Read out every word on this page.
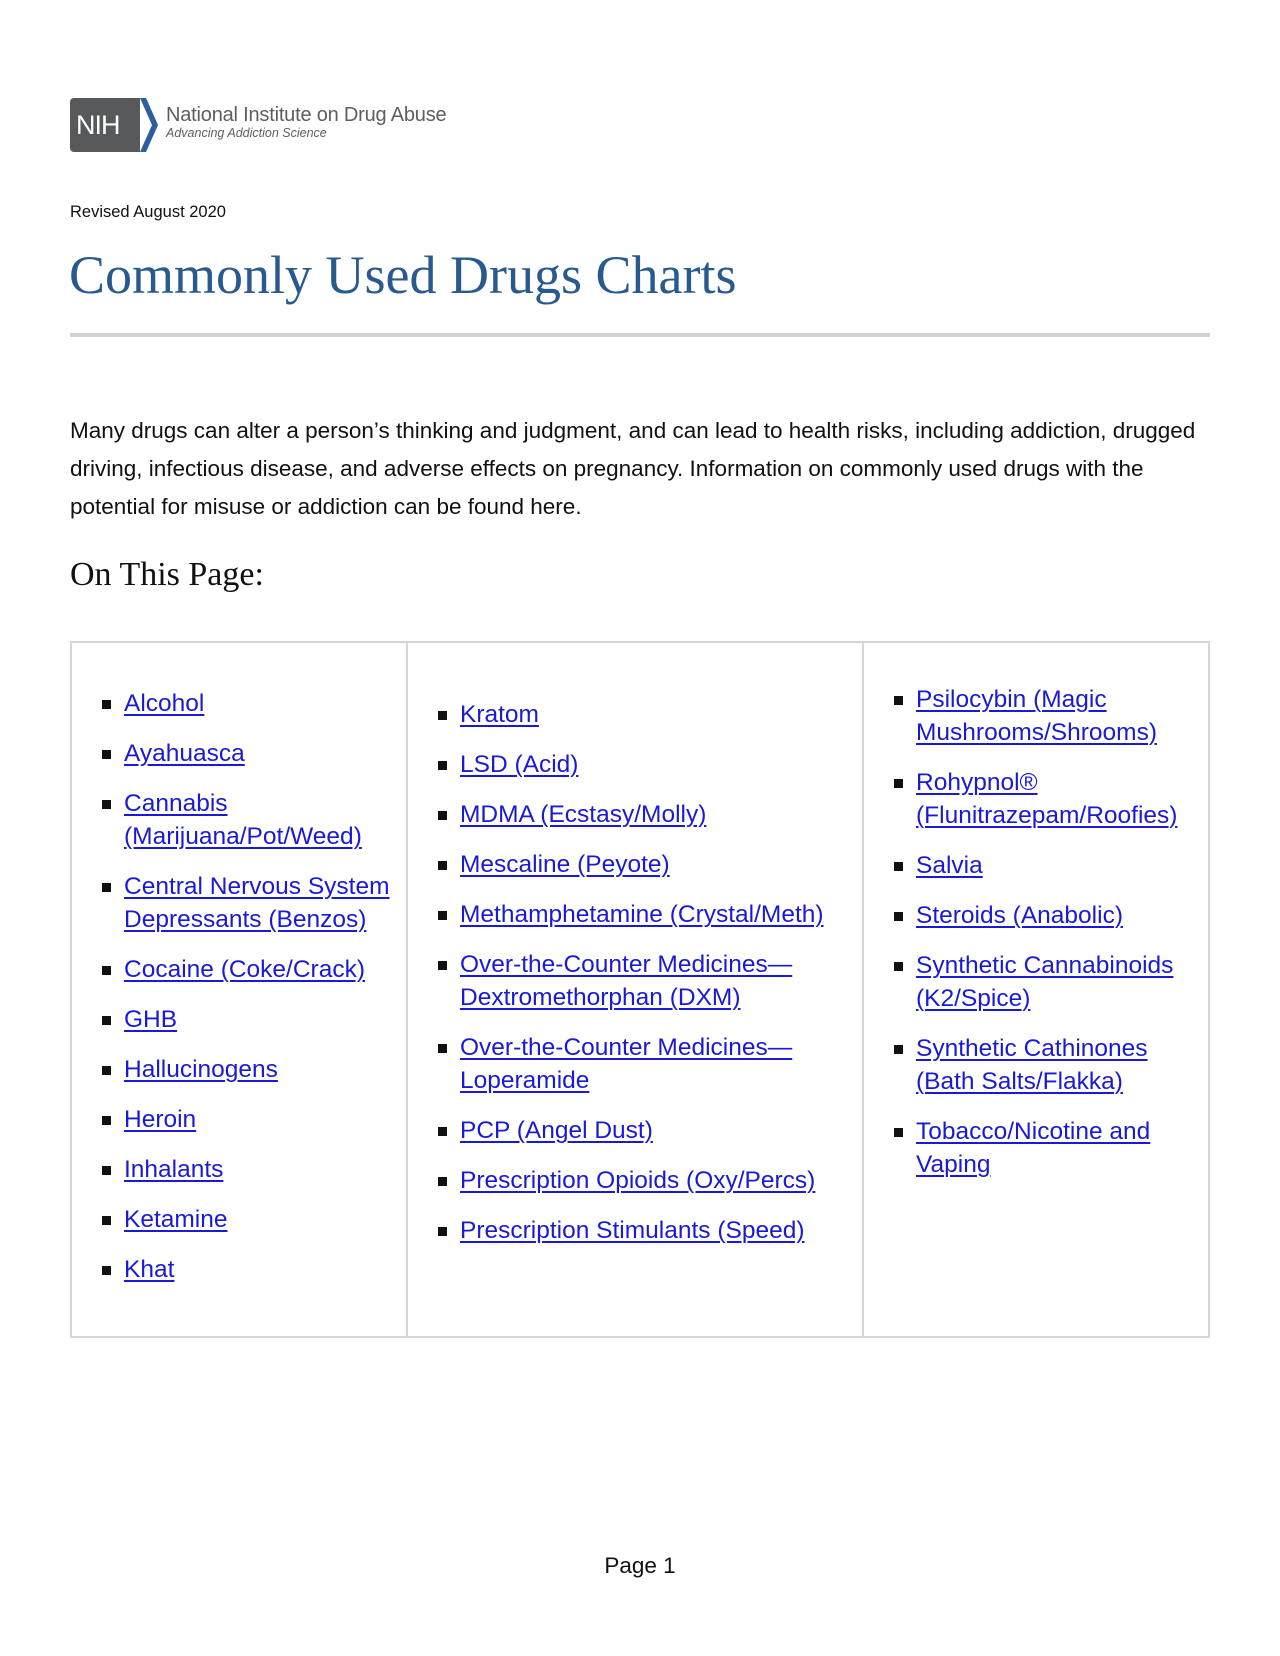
NIH National Institute on Drug Abuse
Advancing Addiction Science
Revised August 2020
Commonly Used Drugs Charts

Many drugs can alter a person’s thinking and judgment, and can lead to health risks, including addiction, drugged driving, infectious disease, and adverse effects on pregnancy. Information on commonly used drugs with the potential for misuse or addiction can be found here.

On This Page:
Alcohol
Ayahuasca
Cannabis (Marijuana/Pot/Weed)
Central Nervous System Depressants (Benzos)
Cocaine (Coke/Crack)
GHB
Hallucinogens
Heroin
Inhalants
Ketamine
Khat
Kratom
LSD (Acid)
MDMA (Ecstasy/Molly)
Mescaline (Peyote)
Methamphetamine (Crystal/Meth)
Over-the-Counter Medicines—Dextromethorphan (DXM)
Over-the-Counter Medicines—Loperamide
PCP (Angel Dust)
Prescription Opioids (Oxy/Percs)
Prescription Stimulants (Speed)
Psilocybin (Magic Mushrooms/Shrooms)
Rohypnol® (Flunitrazepam/Roofies)
Salvia
Steroids (Anabolic)
Synthetic Cannabinoids (K2/Spice)
Synthetic Cathinones (Bath Salts/Flakka)
Tobacco/Nicotine and Vaping
Page 1
